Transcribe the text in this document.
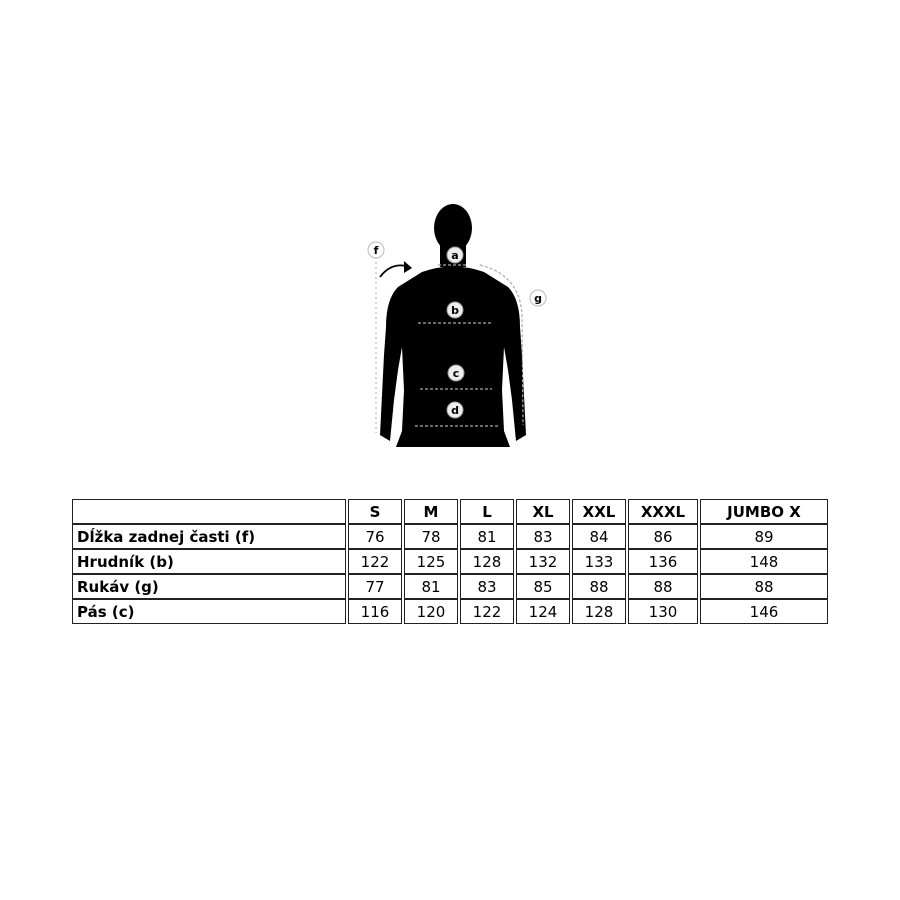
a
b
c
d
f
g
	S	M	L	XL	XXL	XXXL	JUMBO X
Dĺžka zadnej časti (f)	76	78	81	83	84	86	89
Hrudník (b)	122	125	128	132	133	136	148
Rukáv (g)	77	81	83	85	88	88	88
Pás (c)	116	120	122	124	128	130	146
